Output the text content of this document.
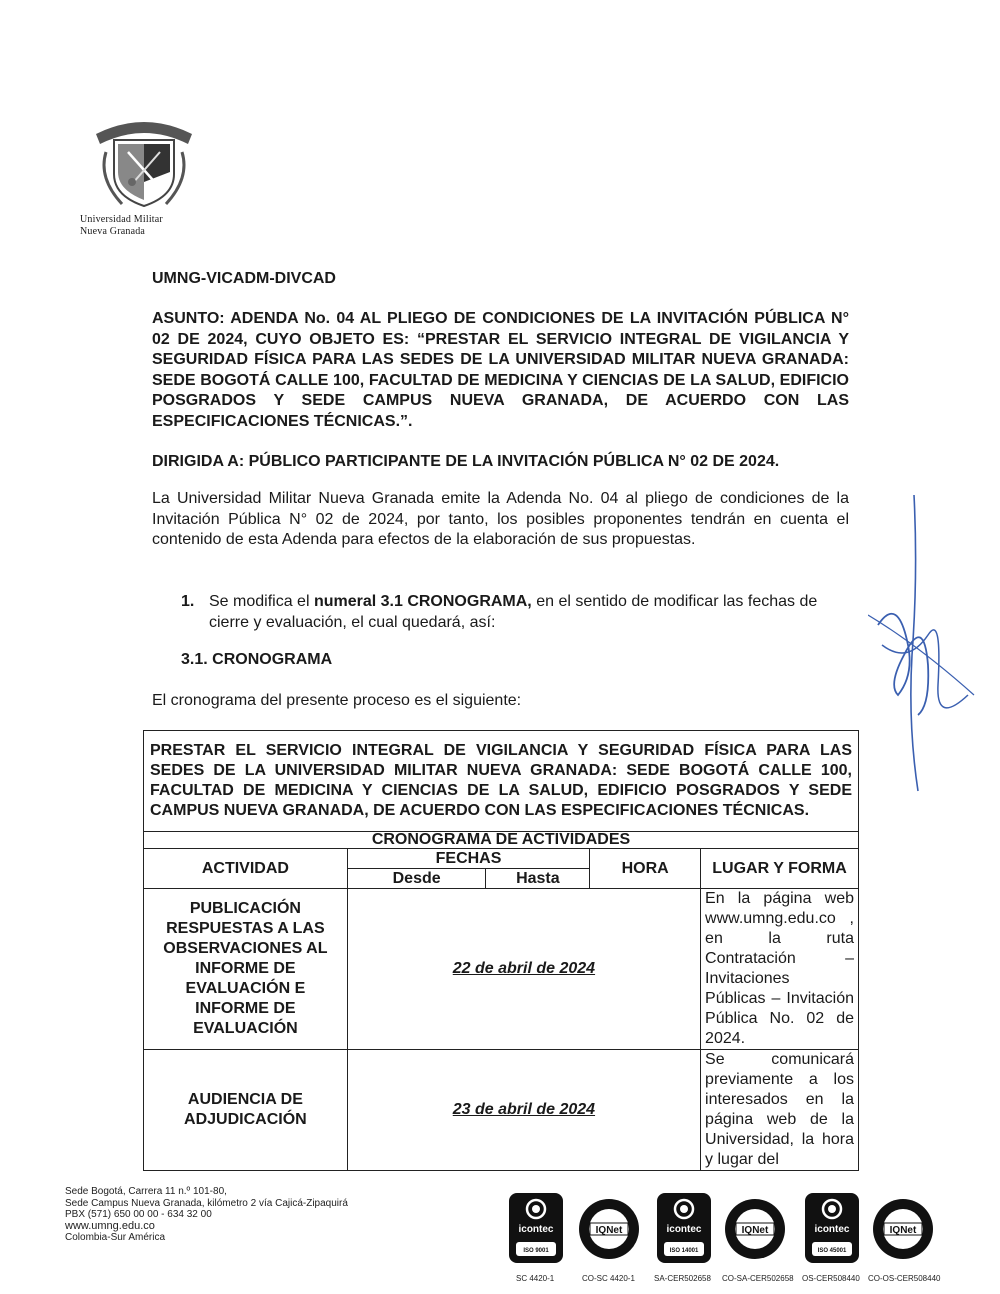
Universidad Militar
Nueva Granada
UMNG-VICADM-DIVCAD
ASUNTO: ADENDA No. 04 AL PLIEGO DE CONDICIONES DE LA INVITACIÓN PÚBLICA N° 02 DE 2024, CUYO OBJETO ES: “PRESTAR EL SERVICIO INTEGRAL DE VIGILANCIA Y SEGURIDAD FÍSICA PARA LAS SEDES DE LA UNIVERSIDAD MILITAR NUEVA GRANADA: SEDE BOGOTÁ CALLE 100, FACULTAD DE MEDICINA Y CIENCIAS DE LA SALUD, EDIFICIO POSGRADOS Y SEDE CAMPUS NUEVA GRANADA, DE ACUERDO CON LAS ESPECIFICACIONES TÉCNICAS.”.
DIRIGIDA A: PÚBLICO PARTICIPANTE DE LA INVITACIÓN PÚBLICA N° 02 DE 2024.
La Universidad Militar Nueva Granada emite la Adenda No. 04 al pliego de condiciones de la Invitación Pública N° 02 de 2024, por tanto, los posibles proponentes tendrán en cuenta el contenido de esta Adenda para efectos de la elaboración de sus propuestas.
1. Se modifica el numeral 3.1 CRONOGRAMA, en el sentido de modificar las fechas de cierre y evaluación, el cual quedará, así:
3.1. CRONOGRAMA
El cronograma del presente proceso es el siguiente:
PRESTAR EL SERVICIO INTEGRAL DE VIGILANCIA Y SEGURIDAD FÍSICA PARA LAS SEDES DE LA UNIVERSIDAD MILITAR NUEVA GRANADA: SEDE BOGOTÁ CALLE 100, FACULTAD DE MEDICINA Y CIENCIAS DE LA SALUD, EDIFICIO POSGRADOS Y SEDE CAMPUS NUEVA GRANADA, DE ACUERDO CON LAS ESPECIFICACIONES TÉCNICAS.				
CRONOGRAMA DE ACTIVIDADES				
ACTIVIDAD	FECHAS		HORA	LUGAR Y FORMA
	Desde	Hasta		
PUBLICACIÓN RESPUESTAS A LAS OBSERVACIONES AL INFORME DE EVALUACIÓN E INFORME DE EVALUACIÓN	22 de abril de 2024			En la página web www.umng.edu.co , en la ruta Contratación – Invitaciones Públicas – Invitación Pública No. 02 de 2024.
AUDIENCIA DE ADJUDICACIÓN	23 de abril de 2024			Se comunicará previamente a los interesados en la página web de la Universidad, la hora y lugar del
Sede Bogotá, Carrera 11 n.º 101-80,
Sede Campus Nueva Granada, kilómetro 2 vía Cajicá-Zipaquirá
PBX (571) 650 00 00 - 634 32 00
www.umng.edu.co
Colombia-Sur América
icontec
ISO 9001
SC 4420-1
IQNet
CO-SC 4420-1
icontec
ISO 14001
SA-CER502658
IQNet
CO-SA-CER502658
icontec
ISO 45001
OS-CER508440
IQNet
CO-OS-CER508440
